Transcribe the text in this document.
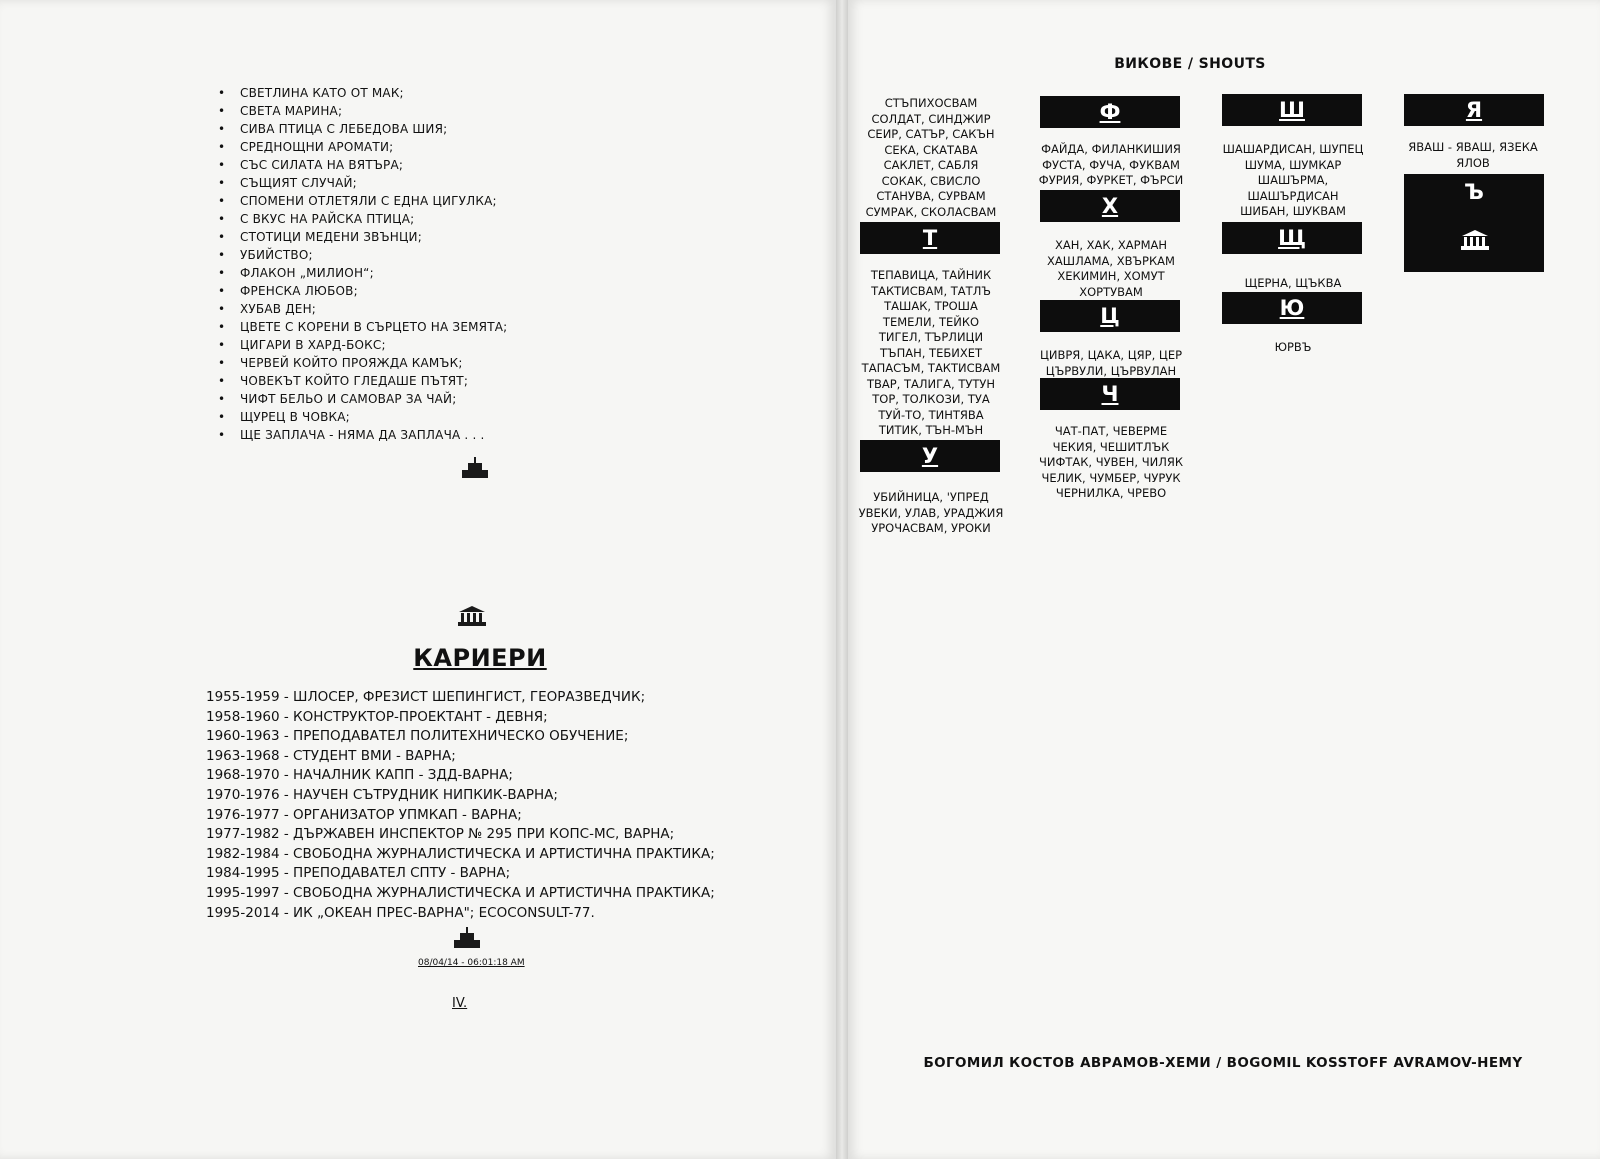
• СВЕТЛИНА КАТО ОТ МАК;
• СВЕТА МАРИНА;
• СИВА ПТИЦА С ЛЕБЕДОВА ШИЯ;
• СРЕДНОЩНИ АРОМАТИ;
• СЪС СИЛАТА НА ВЯТЪРА;
• СЪЩИЯТ СЛУЧАЙ;
• СПОМЕНИ ОТЛЕТЯЛИ С ЕДНА ЦИГУЛКА;
• С ВКУС НА РАЙСКА ПТИЦА;
• СТОТИЦИ МЕДЕНИ ЗВЪНЦИ;
• УБИЙСТВО;
• ФЛАКОН „МИЛИОН“;
• ФРЕНСКА ЛЮБОВ;
• ХУБАВ ДЕН;
• ЦВЕТЕ С КОРЕНИ В СЪРЦЕТО НА ЗЕМЯТА;
• ЦИГАРИ В ХАРД-БОКС;
• ЧЕРВЕЙ КОЙТО ПРОЯЖДА КАМЪК;
• ЧОВЕКЪТ КОЙТО ГЛЕДАШЕ ПЪТЯТ;
• ЧИФТ БЕЛЬО И САМОВАР ЗА ЧАЙ;
• ЩУРЕЦ В ЧОВКА;
• ЩЕ ЗАПЛАЧА - НЯМА ДА ЗАПЛАЧА . . .
КАРИЕРИ
1955-1959 - ШЛОСЕР, ФРЕЗИСТ ШЕПИНГИСТ, ГЕОРАЗВЕДЧИК;
1958-1960 - КОНСТРУКТОР-ПРОЕКТАНТ - ДЕВНЯ;
1960-1963 - ПРЕПОДАВАТЕЛ ПОЛИТЕХНИЧЕСКО ОБУЧЕНИЕ;
1963-1968 - СТУДЕНТ ВМИ - ВАРНА;
1968-1970 - НАЧАЛНИК КАПП - ЗДД-ВАРНА;
1970-1976 - НАУЧЕН СЪТРУДНИК НИПКИК-ВАРНА;
1976-1977 - ОРГАНИЗАТОР УПМКАП - ВАРНА;
1977-1982 - ДЪРЖАВЕН ИНСПЕКТОР № 295 ПРИ КОПС-МС, ВАРНА;
1982-1984 - СВОБОДНА ЖУРНАЛИСТИЧЕСКА И АРТИСТИЧНА ПРАКТИКА;
1984-1995 - ПРЕПОДАВАТЕЛ СПТУ - ВАРНА;
1995-1997 - СВОБОДНА ЖУРНАЛИСТИЧЕСКА И АРТИСТИЧНА ПРАКТИКА;
1995-2014 - ИК „ОКЕАН ПРЕС-ВАРНА"; ECOCONSULT-77.
08/04/14 - 06:01:18 AM
IV.
ВИКОВЕ / SHOUTS
СТЪПИХОСВАМ
СОЛДАТ, СИНДЖИР
СЕИР, САТЪР, САКЪН
СЕКА, СКАТАВА
САКЛЕТ, САБЛЯ
СОКАК, СВИСЛО
СТАНУВА, СУРВАМ
СУМРАК, СКОЛАСВАМ
Т
ТЕПАВИЦА, ТАЙНИК
ТАКТИСВАМ, ТАТЛЪ
ТАШАК, ТРОША
ТЕМЕЛИ, ТЕЙКО
ТИГЕЛ, ТЪРЛИЦИ
ТЪПАН, ТЕБИХЕТ
ТАПАСЪМ, ТАКТИСВАМ
ТВАР, ТАЛИГА, ТУТУН
ТОР, ТОЛКОЗИ, ТУА
ТУЙ-ТО, ТИНТЯВА
ТИТИК, ТЪН-МЪН
У
УБИЙНИЦА, 'УПРЕД
УВЕКИ, УЛАВ, УРАДЖИЯ
УРОЧАСВАМ, УРОКИ
Ф
ФАЙДА, ФИЛАНКИШИЯ
ФУСТА, ФУЧА, ФУКВАМ
ФУРИЯ, ФУРКЕТ, ФЪРСИ
Х
ХАН, ХАК, ХАРМАН
ХАШЛАМА, ХВЪРКАМ
ХЕКИМИН, ХОМУТ
ХОРТУВАМ
Ц
ЦИВРЯ, ЦАКА, ЦЯР, ЦЕР
ЦЪРВУЛИ, ЦЪРВУЛАН
Ч
ЧАТ-ПАТ, ЧЕВЕРМЕ
ЧЕКИЯ, ЧЕШИТЛЪК
ЧИФТАК, ЧУВЕН, ЧИЛЯК
ЧЕЛИК, ЧУМБЕР, ЧУРУК
ЧЕРНИЛКА, ЧРЕВО
Ш
ШАШАРДИСАН, ШУПЕЦ
ШУМА, ШУМКАР
ШАШЪРМА,
ШАШЪРДИСАН
ШИБАН, ШУКВАМ
Щ
ЩЕРНА, ЩЪКВА
Ю
ЮРВЪ
Я
ЯВАШ - ЯВАШ, ЯЗЕКА
ЯЛОВ
Ъ
БОГОМИЛ КОСТОВ АВРАМОВ-ХЕМИ / BOGOMIL KOSSTOFF AVRAMOV-HEMY
